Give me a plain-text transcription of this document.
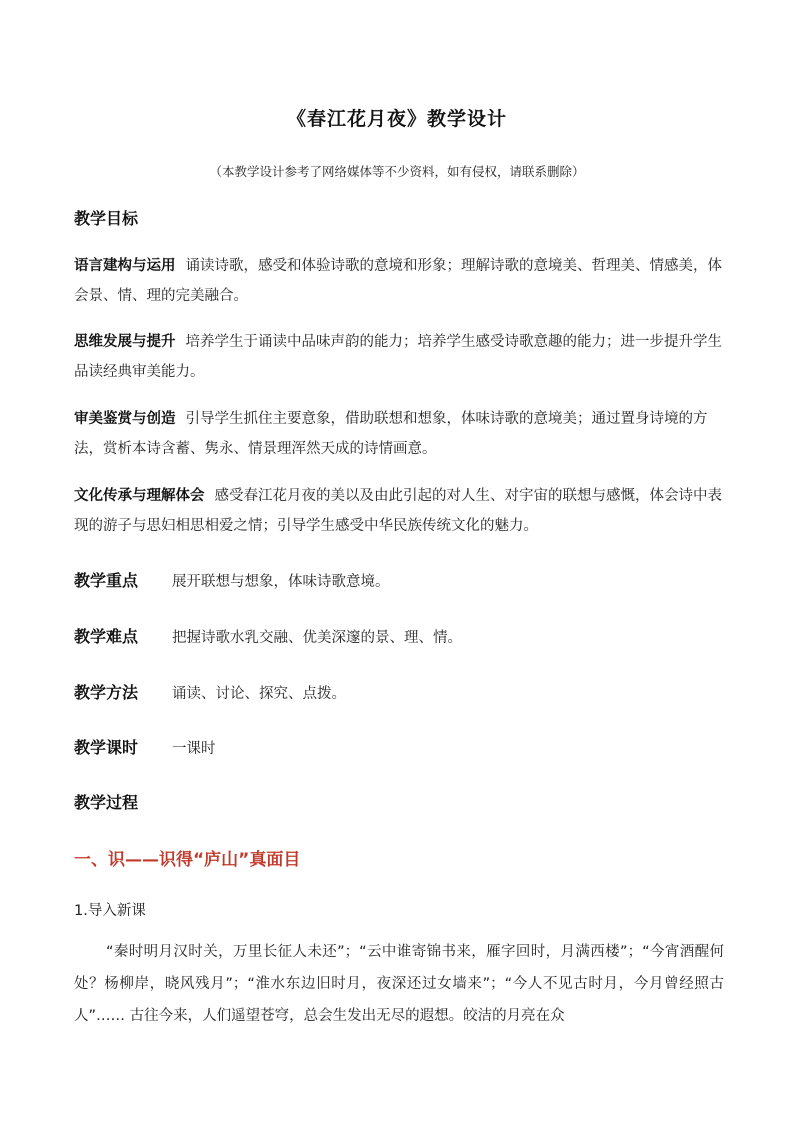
《春江花月夜》教学设计
（本教学设计参考了网络媒体等不少资料，如有侵权，请联系删除）
教学目标
语言建构与运用 诵读诗歌，感受和体验诗歌的意境和形象；理解诗歌的意境美、哲理美、情感美，体会景、情、理的完美融合。
思维发展与提升 培养学生于诵读中品味声韵的能力；培养学生感受诗歌意趣的能力；进一步提升学生品读经典审美能力。
审美鉴赏与创造 引导学生抓住主要意象，借助联想和想象，体味诗歌的意境美；通过置身诗境的方法，赏析本诗含蓄、隽永、情景理浑然天成的诗情画意。
文化传承与理解体会 感受春江花月夜的美以及由此引起的对人生、对宇宙的联想与感慨，体会诗中表现的游子与思妇相思相爱之情；引导学生感受中华民族传统文化的魅力。
教学重点 展开联想与想象，体味诗歌意境。
教学难点 把握诗歌水乳交融、优美深邃的景、理、情。
教学方法 诵读、讨论、探究、点拨。
教学课时 一课时
教学过程
一、识——识得“庐山”真面目
1.导入新课
“秦时明月汉时关，万里长征人未还”；“云中谁寄锦书来，雁字回时，月满西楼”；“今宵酒醒何处？杨柳岸，晓风残月”；“淮水东边旧时月，夜深还过女墙来”；“今人不见古时月，今月曾经照古人”…… 古往今来，人们遥望苍穹，总会生发出无尽的遐想。皎洁的月亮在众
